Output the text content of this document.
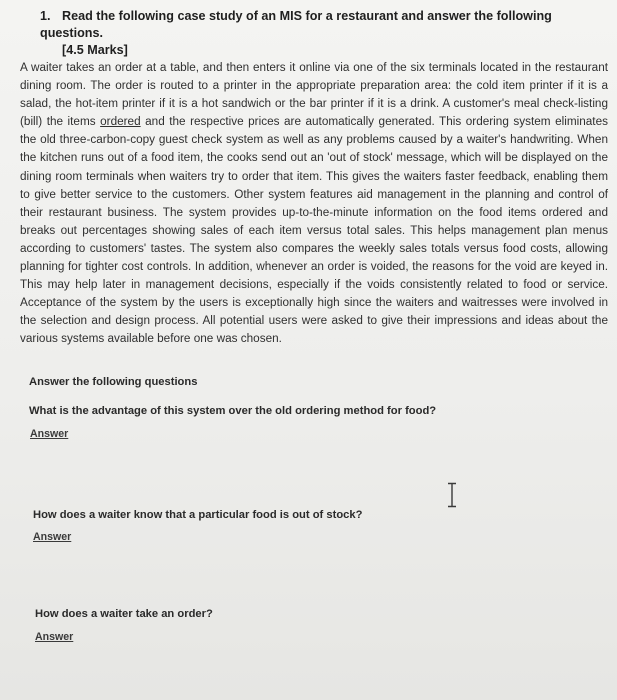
1. Read the following case study of an MIS for a restaurant and answer the following questions.
[4.5 Marks]
A waiter takes an order at a table, and then enters it online via one of the six terminals located in the restaurant dining room. The order is routed to a printer in the appropriate preparation area: the cold item printer if it is a salad, the hot-item printer if it is a hot sandwich or the bar printer if it is a drink. A customer's meal check-listing (bill) the items ordered and the respective prices are automatically generated. This ordering system eliminates the old three-carbon-copy guest check system as well as any problems caused by a waiter's handwriting. When the kitchen runs out of a food item, the cooks send out an 'out of stock' message, which will be displayed on the dining room terminals when waiters try to order that item. This gives the waiters faster feedback, enabling them to give better service to the customers. Other system features aid management in the planning and control of their restaurant business. The system provides up-to-the-minute information on the food items ordered and breaks out percentages showing sales of each item versus total sales. This helps management plan menus according to customers' tastes. The system also compares the weekly sales totals versus food costs, allowing planning for tighter cost controls. In addition, whenever an order is voided, the reasons for the void are keyed in. This may help later in management decisions, especially if the voids consistently related to food or service. Acceptance of the system by the users is exceptionally high since the waiters and waitresses were involved in the selection and design process. All potential users were asked to give their impressions and ideas about the various systems available before one was chosen.
Answer the following questions
What is the advantage of this system over the old ordering method for food?
Answer
How does a waiter know that a particular food is out of stock?
Answer
How does a waiter take an order?
Answer
